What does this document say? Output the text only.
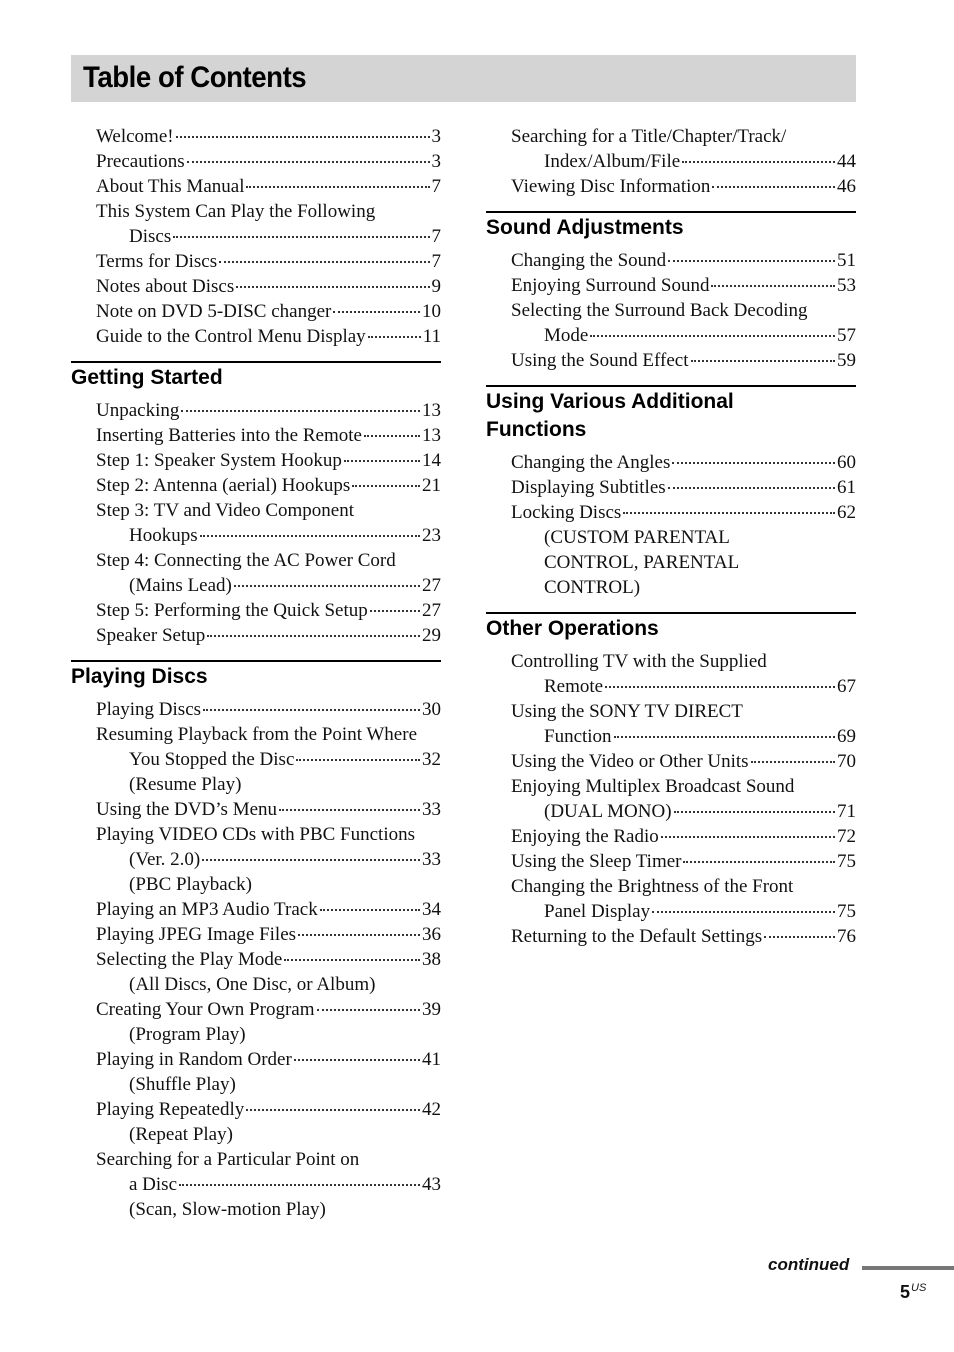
Table of Contents
Welcome!	3
Precautions	3
About This Manual	7
This System Can Play the Following
Discs	7
Terms for Discs	7
Notes about Discs	9
Note on DVD 5-DISC changer	10
Guide to the Control Menu Display	11
Getting Started
Unpacking	13
Inserting Batteries into the Remote	13
Step 1: Speaker System Hookup	14
Step 2: Antenna (aerial) Hookups	21
Step 3: TV and Video Component
Hookups	23
Step 4: Connecting the AC Power Cord
(Mains Lead)	27
Step 5: Performing the Quick Setup	27
Speaker Setup	29
Playing Discs
Playing Discs	30
Resuming Playback from the Point Where
You Stopped the Disc	32
(Resume Play)
Using the DVD’s Menu	33
Playing VIDEO CDs with PBC Functions
(Ver. 2.0)	33
(PBC Playback)
Playing an MP3 Audio Track	34
Playing JPEG Image Files	36
Selecting the Play Mode	38
(All Discs, One Disc, or Album)
Creating Your Own Program	39
(Program Play)
Playing in Random Order	41
(Shuffle Play)
Playing Repeatedly	42
(Repeat Play)
Searching for a Particular Point on
a Disc	43
(Scan, Slow-motion Play)
Searching for a Title/Chapter/Track/
Index/Album/File	44
Viewing Disc Information	46
Sound Adjustments
Changing the Sound	51
Enjoying Surround Sound	53
Selecting the Surround Back Decoding
Mode	57
Using the Sound Effect	59
Using Various Additional
Functions
Changing the Angles	60
Displaying Subtitles	61
Locking Discs	62
(CUSTOM PARENTAL
CONTROL, PARENTAL
CONTROL)
Other Operations
Controlling TV with the Supplied
Remote	67
Using the SONY TV DIRECT
Function	69
Using the Video or Other Units	70
Enjoying Multiplex Broadcast Sound
(DUAL MONO)	71
Enjoying the Radio	72
Using the Sleep Timer	75
Changing the Brightness of the Front
Panel Display	75
Returning to the Default Settings	76
continued
$5^{US}$
